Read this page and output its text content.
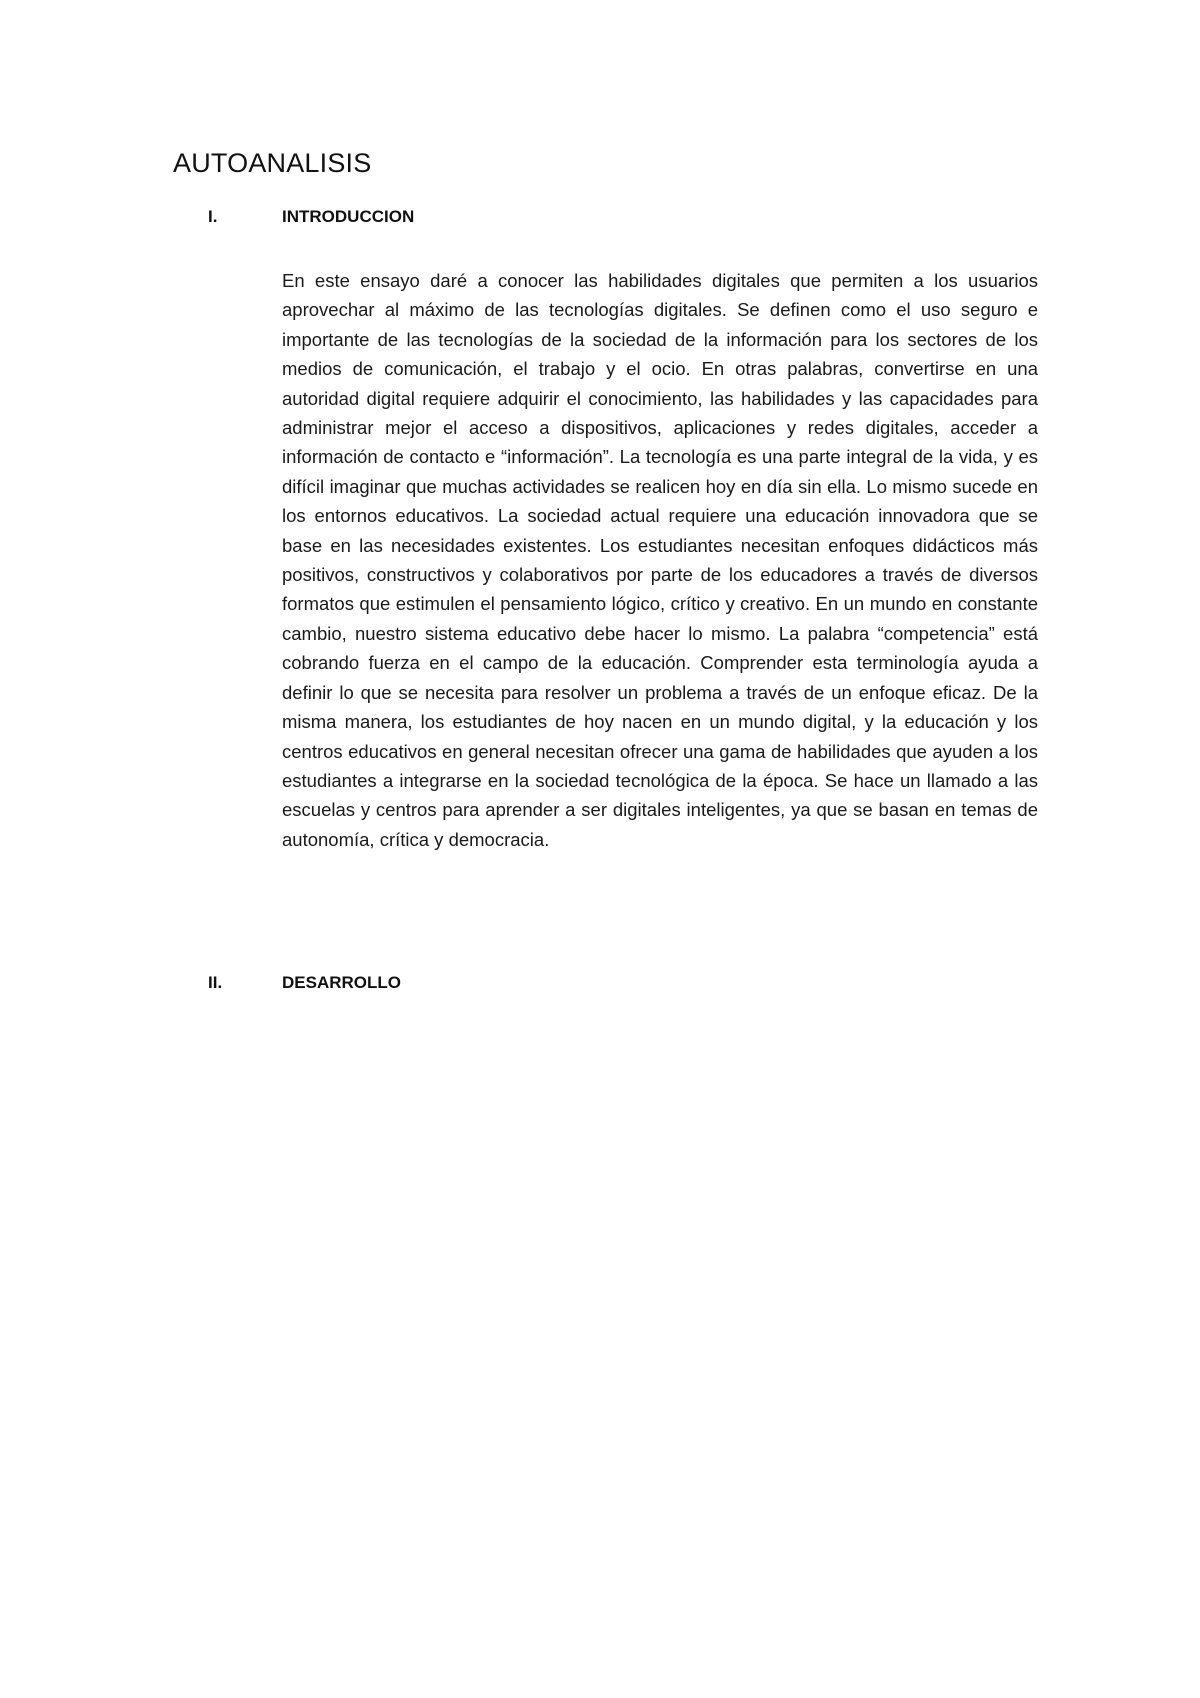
AUTOANALISIS
I.	INTRODUCCION

En este ensayo daré a conocer las habilidades digitales que permiten a los usuarios aprovechar al máximo de las tecnologías digitales. Se definen como el uso seguro e importante de las tecnologías de la sociedad de la información para los sectores de los medios de comunicación, el trabajo y el ocio. En otras palabras, convertirse en una autoridad digital requiere adquirir el conocimiento, las habilidades y las capacidades para administrar mejor el acceso a dispositivos, aplicaciones y redes digitales, acceder a información de contacto e “información”. La tecnología es una parte integral de la vida, y es difícil imaginar que muchas actividades se realicen hoy en día sin ella. Lo mismo sucede en los entornos educativos. La sociedad actual requiere una educación innovadora que se base en las necesidades existentes. Los estudiantes necesitan enfoques didácticos más positivos, constructivos y colaborativos por parte de los educadores a través de diversos formatos que estimulen el pensamiento lógico, crítico y creativo. En un mundo en constante cambio, nuestro sistema educativo debe hacer lo mismo. La palabra “competencia” está cobrando fuerza en el campo de la educación. Comprender esta terminología ayuda a definir lo que se necesita para resolver un problema a través de un enfoque eficaz. De la misma manera, los estudiantes de hoy nacen en un mundo digital, y la educación y los centros educativos en general necesitan ofrecer una gama de habilidades que ayuden a los estudiantes a integrarse en la sociedad tecnológica de la época. Se hace un llamado a las escuelas y centros para aprender a ser digitales inteligentes, ya que se basan en temas de autonomía, crítica y democracia.

II.	DESARROLLO
